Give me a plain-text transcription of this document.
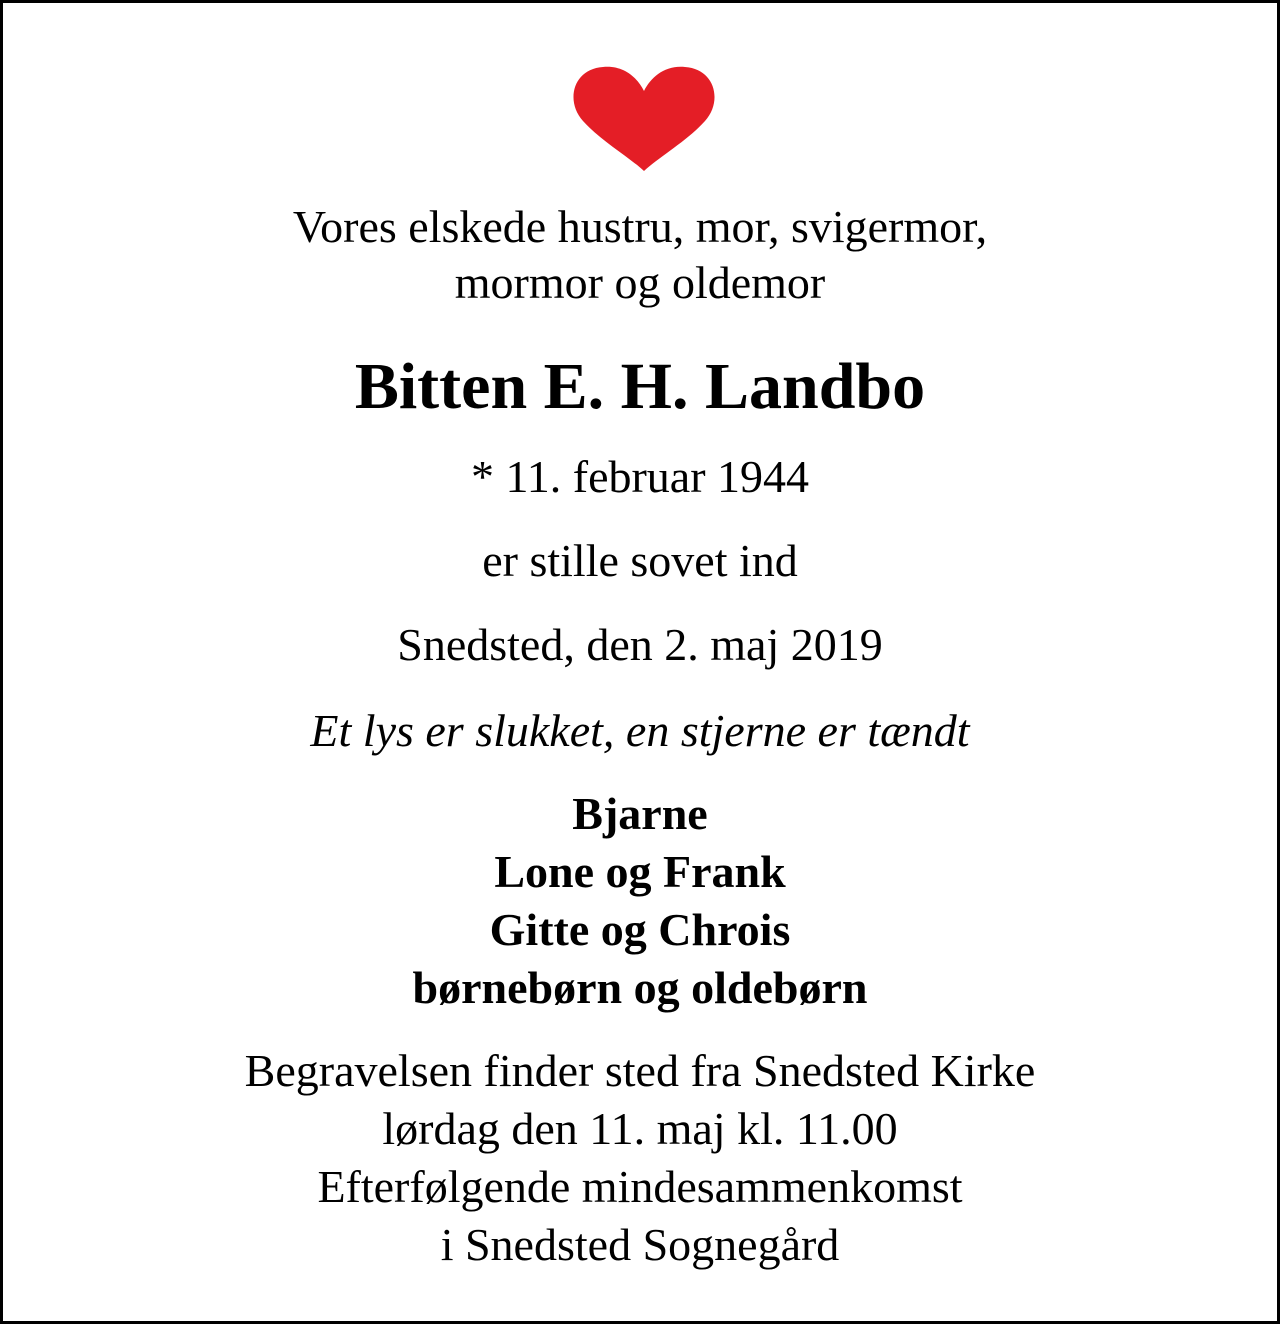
Vores elskede hustru, mor, svigermor,
mormor og oldemor
Bitten E. H. Landbo
* 11. februar 1944
er stille sovet ind
Snedsted, den 2. maj 2019
Et lys er slukket, en stjerne er tændt
Bjarne
Lone og Frank
Gitte og Chrois
børnebørn og oldebørn
Begravelsen finder sted fra Snedsted Kirke
lørdag den 11. maj kl. 11.00
Efterfølgende mindesammenkomst
i Snedsted Sognegård
